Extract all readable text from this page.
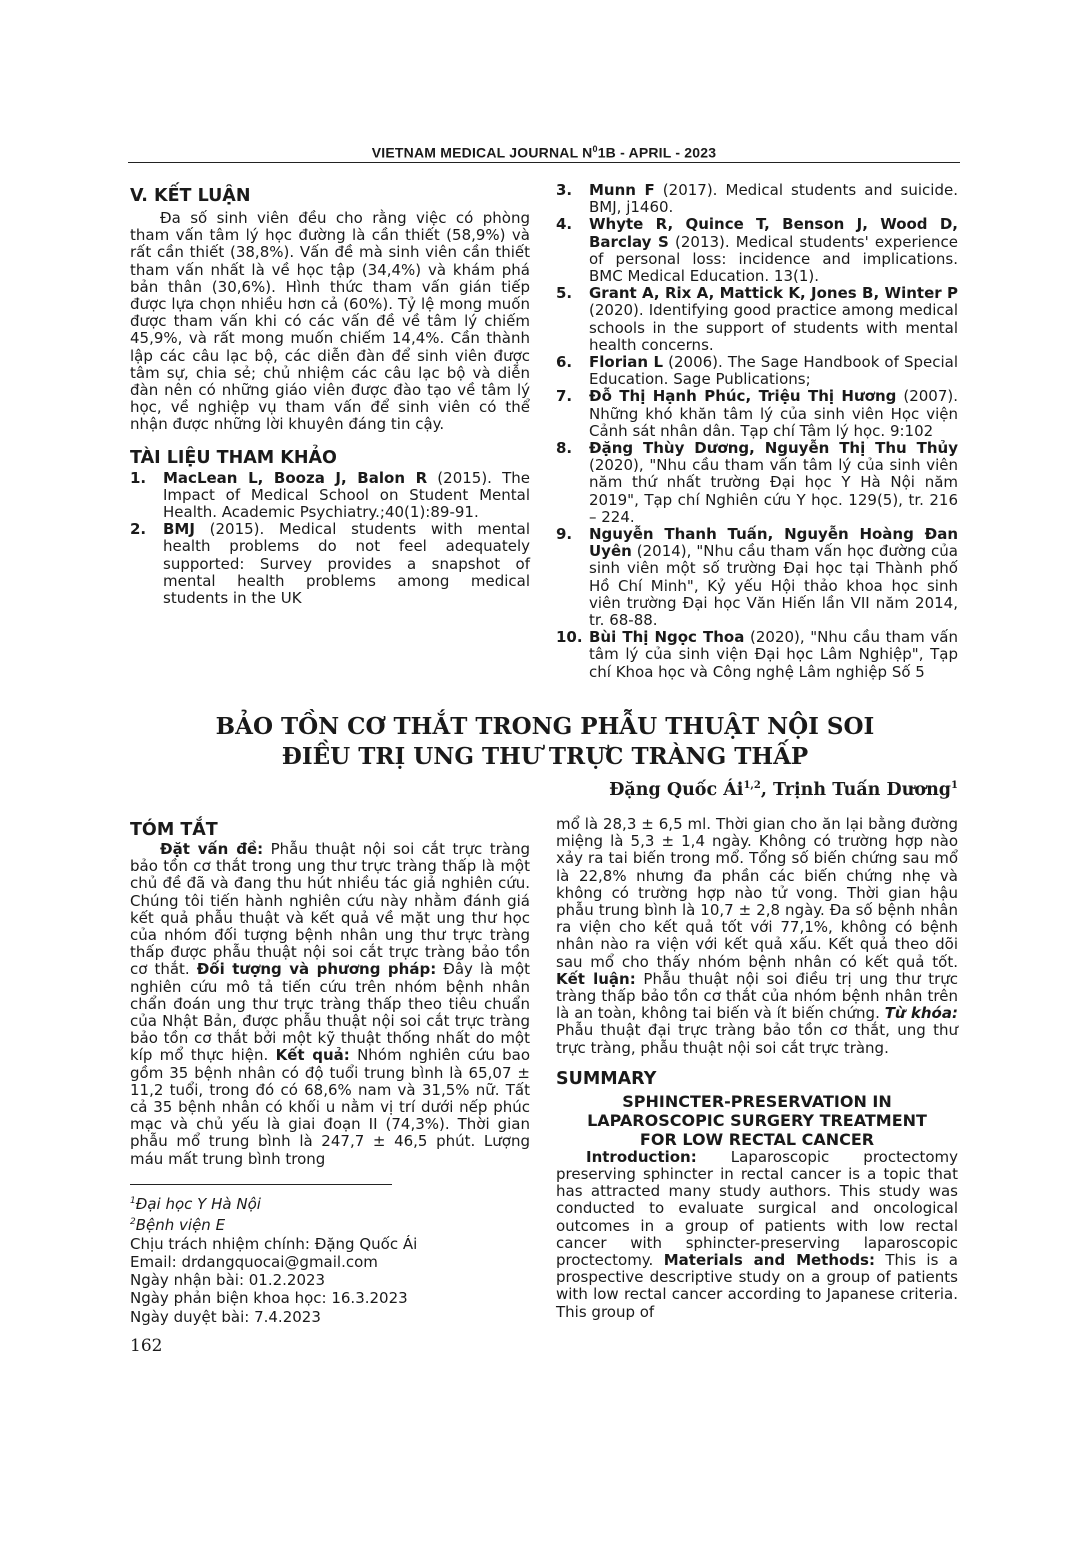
VIETNAM MEDICAL JOURNAL $N^01B$ - APRIL - 2023
V. KẾT LUẬN

Đa số sinh viên đều cho rằng việc có phòng tham vấn tâm lý học đường là cần thiết (58,9%) và rất cần thiết (38,8%). Vấn đề mà sinh viên cần thiết tham vấn nhất là về học tập (34,4%) và khám phá bản thân (30,6%). Hình thức tham vấn gián tiếp được lựa chọn nhiều hơn cả (60%). Tỷ lệ mong muốn được tham vấn khi có các vấn đề về tâm lý chiếm 45,9%, và rất mong muốn chiếm 14,4%. Cần thành lập các câu lạc bộ, các diễn đàn để sinh viên được tâm sự, chia sẻ; chủ nhiệm các câu lạc bộ và diễn đàn nên có những giáo viên được đào tạo về tâm lý học, về nghiệp vụ tham vấn để sinh viên có thể nhận được những lời khuyên đáng tin cậy.

TÀI LIỆU THAM KHẢO
1. MacLean L, Booza J, Balon R (2015). The Impact of Medical School on Student Mental Health. Academic Psychiatry.;40(1):89-91.
2. BMJ (2015). Medical students with mental health problems do not feel adequately supported: Survey provides a snapshot of mental health problems among medical students in the UK
3. Munn F (2017). Medical students and suicide. BMJ, j1460.
4. Whyte R, Quince T, Benson J, Wood D, Barclay S (2013). Medical students' experience of personal loss: incidence and implications. BMC Medical Education. 13(1).
5. Grant A, Rix A, Mattick K, Jones B, Winter P (2020). Identifying good practice among medical schools in the support of students with mental health concerns.
6. Florian L (2006). The Sage Handbook of Special Education. Sage Publications;
7. Đỗ Thị Hạnh Phúc, Triệu Thị Hương (2007). Những khó khăn tâm lý của sinh viên Học viện Cảnh sát nhân dân. Tạp chí Tâm lý học. 9:102
8. Đặng Thùy Dương, Nguyễn Thị Thu Thủy (2020), "Nhu cầu tham vấn tâm lý của sinh viên năm thứ nhất trường Đại học Y Hà Nội năm 2019", Tạp chí Nghiên cứu Y học. 129(5), tr. 216 – 224.
9. Nguyễn Thanh Tuấn, Nguyễn Hoàng Đan Uyên (2014), "Nhu cầu tham vấn học đường của sinh viên một số trường Đại học tại Thành phố Hồ Chí Minh", Kỷ yếu Hội thảo khoa học sinh viên trường Đại học Văn Hiến lần VII năm 2014, tr. 68-88.
10. Bùi Thị Ngọc Thoa (2020), "Nhu cầu tham vấn tâm lý của sinh viện Đại học Lâm Nghiệp", Tạp chí Khoa học và Công nghệ Lâm nghiệp Số 5
BẢO TỒN CƠ THẮT TRONG PHẪU THUẬT NỘI SOI
ĐIỀU TRỊ UNG THƯ TRỰC TRÀNG THẤP
Đặng Quốc Ái$^{1,2}$, Trịnh Tuấn Dương$^1$
TÓM TẮT

Đặt vấn đề: Phẫu thuật nội soi cắt trực tràng bảo tồn cơ thắt trong ung thư trực tràng thấp là một chủ đề đã và đang thu hút nhiều tác giả nghiên cứu. Chúng tôi tiến hành nghiên cứu này nhằm đánh giá kết quả phẫu thuật và kết quả về mặt ung thư học của nhóm đối tượng bệnh nhân ung thư trực tràng thấp được phẫu thuật nội soi cắt trực tràng bảo tồn cơ thắt. Đối tượng và phương pháp: Đây là một nghiên cứu mô tả tiến cứu trên nhóm bệnh nhân chẩn đoán ung thư trực tràng thấp theo tiêu chuẩn của Nhật Bản, được phẫu thuật nội soi cắt trực tràng bảo tồn cơ thắt bởi một kỹ thuật thống nhất do một kíp mổ thực hiện. Kết quả: Nhóm nghiên cứu bao gồm 35 bệnh nhân có độ tuổi trung bình là 65,07 ± 11,2 tuổi, trong đó có 68,6% nam và 31,5% nữ. Tất cả 35 bệnh nhân có khối u nằm vị trí dưới nếp phúc mạc và chủ yếu là giai đoạn II (74,3%). Thời gian phẫu mổ trung bình là 247,7 ± 46,5 phút. Lượng máu mất trung bình trong

mổ là 28,3 ± 6,5 ml. Thời gian cho ăn lại bằng đường miệng là 5,3 ± 1,4 ngày. Không có trường hợp nào xảy ra tai biến trong mổ. Tổng số biến chứng sau mổ là 22,8% nhưng đa phần các biến chứng nhẹ và không có trường hợp nào tử vong. Thời gian hậu phẫu trung bình là 10,7 ± 2,8 ngày. Đa số bệnh nhân ra viện cho kết quả tốt với 77,1%, không có bệnh nhân nào ra viện với kết quả xấu. Kết quả theo dõi sau mổ cho thấy nhóm bệnh nhân có kết quả tốt. Kết luận: Phẫu thuật nội soi điều trị ung thư trực tràng thấp bảo tồn cơ thắt của nhóm bệnh nhân trên là an toàn, không tai biến và ít biến chứng. Từ khóa: Phẫu thuật đại trực tràng bảo tồn cơ thắt, ung thư trực tràng, phẫu thuật nội soi cắt trực tràng.

SUMMARY
SPHINCTER-PRESERVATION IN
LAPAROSCOPIC SURGERY TREATMENT
FOR LOW RECTAL CANCER

Introduction: Laparoscopic proctectomy preserving sphincter in rectal cancer is a topic that has attracted many study authors. This study was conducted to evaluate surgical and oncological outcomes in a group of patients with low rectal cancer with sphincter-preserving laparoscopic proctectomy. Materials and Methods: This is a prospective descriptive study on a group of patients with low rectal cancer according to Japanese criteria. This group of

$^1$Đại học Y Hà Nội
$^2$Bệnh viện E
Chịu trách nhiệm chính: Đặng Quốc Ái
Email: drdangquocai@gmail.com
Ngày nhận bài: 01.2.2023
Ngày phản biện khoa học: 16.3.2023
Ngày duyệt bài: 7.4.2023
162
